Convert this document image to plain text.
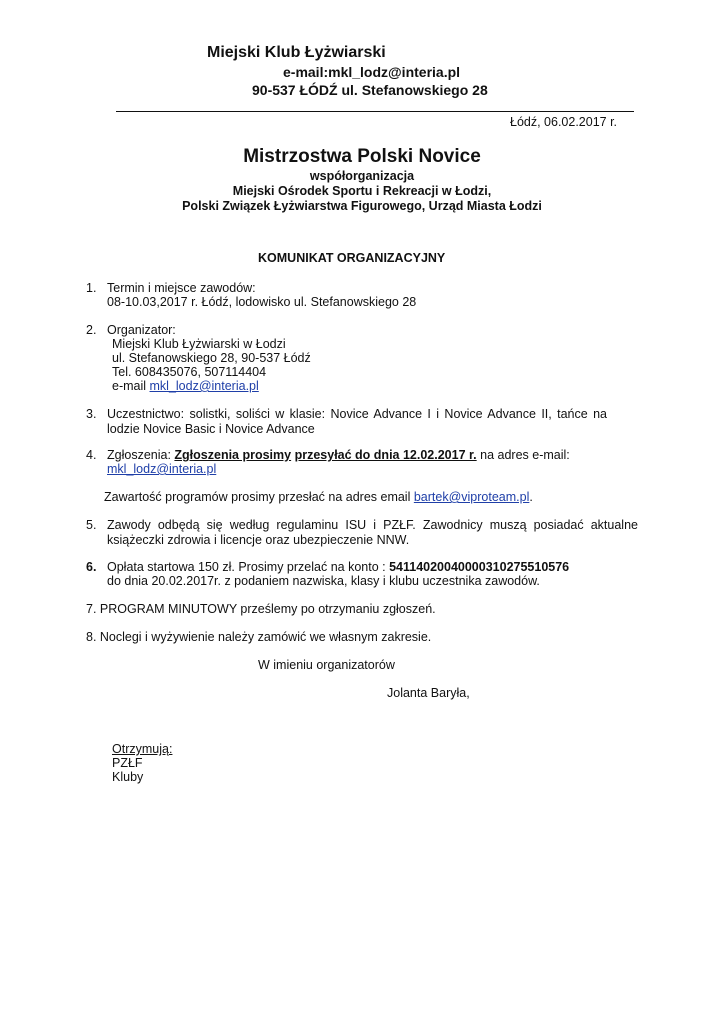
Miejski Klub Łyżwiarski
e-mail:mkl_lodz@interia.pl
90-537 ŁÓDŹ ul. Stefanowskiego 28
Łódź, 06.02.2017 r.
Mistrzostwa Polski Novice
współorganizacja
Miejski Ośrodek Sportu i Rekreacji w Łodzi,
Polski Związek Łyżwiarstwa Figurowego, Urząd Miasta Łodzi
KOMUNIKAT ORGANIZACYJNY
1. Termin i miejsce zawodów:
08-10.03,2017 r. Łódź, lodowisko ul. Stefanowskiego 28
2. Organizator:
Miejski Klub Łyżwiarski w Łodzi
ul. Stefanowskiego 28, 90-537 Łódź
Tel. 608435076, 507114404
e-mail mkl_lodz@interia.pl
3. Uczestnictwo: solistki, soliści w klasie: Novice Advance I i Novice Advance II, tańce na lodzie Novice Basic i Novice Advance

4. Zgłoszenia: Zgłoszenia prosimy przesyłać do dnia 12.02.2017 r. na adres e-mail:
mkl_lodz@interia.pl
Zawartość programów prosimy przesłać na adres email bartek@viproteam.pl.
5. Zawody odbędą się według regulaminu ISU i PZŁF. Zawodnicy muszą posiadać aktualne książeczki zdrowia i licencje oraz ubezpieczenie NNW.

6. Opłata startowa 150 zł. Prosimy przelać na konto : 54114020040000310275510576
do dnia 20.02.2017r. z podaniem nazwiska, klasy i klubu uczestnika zawodów.
7. PROGRAM MINUTOWY prześlemy po otrzymaniu zgłoszeń.
8. Noclegi i wyżywienie należy zamówić we własnym zakresie.
W imieniu organizatorów
Jolanta Baryła,
Otrzymują:
PZŁF
Kluby
